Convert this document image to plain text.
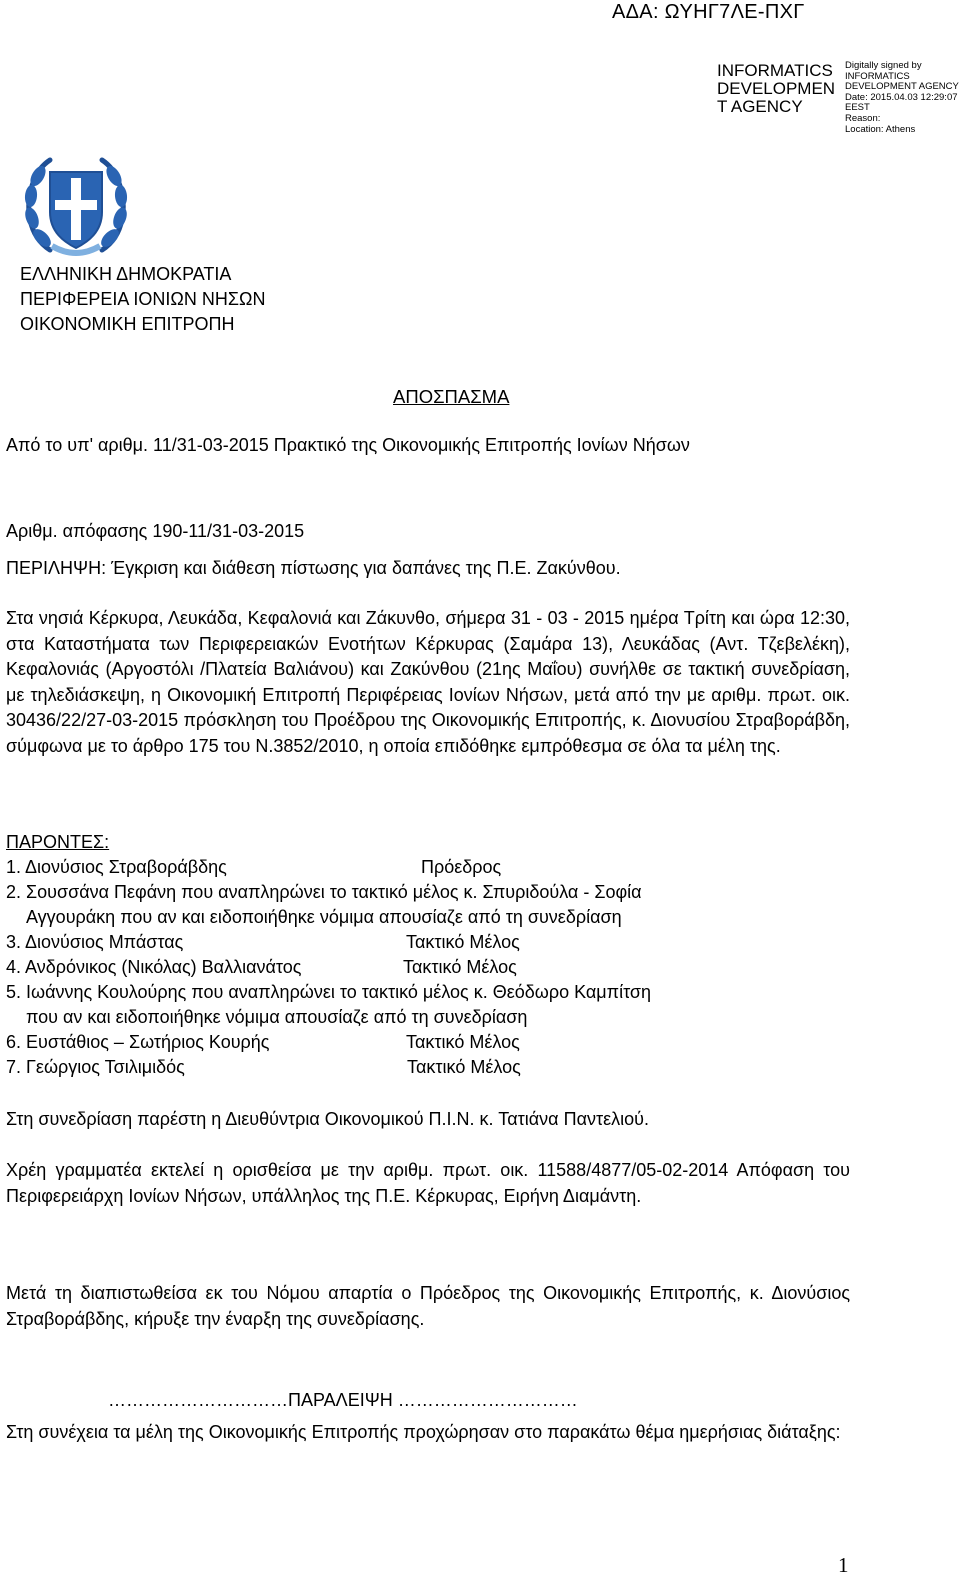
ΑΔΑ: ΩΥΗΓ7ΛΕ-ΠΧΓ
INFORMATICS
DEVELOPMEN
T AGENCY
Digitally signed by
INFORMATICS
DEVELOPMENT AGENCY
Date: 2015.04.03 12:29:07
EEST
Reason:
Location: Athens
ΕΛΛΗΝΙΚΗ ΔΗΜΟΚΡΑΤΙΑ
ΠΕΡΙΦΕΡΕΙΑ ΙΟΝΙΩΝ ΝΗΣΩΝ
ΟΙΚΟΝΟΜΙΚΗ ΕΠΙΤΡΟΠΗ
ΑΠΟΣΠΑΣΜΑ
Από το υπ' αριθμ. 11/31-03-2015 Πρακτικό της Οικονομικής Επιτροπής Ιονίων Νήσων
Αριθμ. απόφασης 190-11/31-03-2015
ΠΕΡΙΛΗΨΗ: Έγκριση και διάθεση πίστωσης για δαπάνες της Π.Ε. Ζακύνθου.
Στα νησιά Κέρκυρα, Λευκάδα, Κεφαλονιά και Ζάκυνθο, σήμερα 31 - 03 - 2015 ημέρα Τρίτη και ώρα 12:30, στα Καταστήματα των Περιφερειακών Ενοτήτων Κέρκυρας (Σαμάρα 13), Λευκάδας (Αντ. Τζεβελέκη), Κεφαλονιάς (Αργοστόλι /Πλατεία Βαλιάνου) και Ζακύνθου (21ης Μαΐου) συνήλθε σε τακτική συνεδρίαση, με τηλεδιάσκεψη, η Οικονομική Επιτροπή Περιφέρειας Ιονίων Νήσων, μετά από την με αριθμ. πρωτ. οικ. 30436/22/27-03-2015 πρόσκληση του Προέδρου της Οικονομικής Επιτροπής, κ. Διονυσίου Στραβοράβδη, σύμφωνα με το άρθρο 175 του Ν.3852/2010, η οποία επιδόθηκε εμπρόθεσμα σε όλα τα μέλη της.
ΠΑΡΟΝΤΕΣ:
1. Διονύσιος Στραβοράβδης	Πρόεδρος
2. Σουσσάνα Πεφάνη που αναπληρώνει το τακτικό μέλος κ. Σπυριδούλα - Σοφία
Αγγουράκη που αν και ειδοποιήθηκε νόμιμα απουσίαζε από τη συνεδρίαση
3. Διονύσιος Μπάστας	Τακτικό Μέλος
4. Ανδρόνικος (Νικόλας) Βαλλιανάτος	Τακτικό Μέλος
5. Ιωάννης Κουλούρης που αναπληρώνει το τακτικό μέλος κ. Θεόδωρο Καμπίτση
που αν και ειδοποιήθηκε νόμιμα απουσίαζε από τη συνεδρίαση
6. Ευστάθιος – Σωτήριος Κουρής	Τακτικό Μέλος
7. Γεώργιος Τσιλιμιδός	Τακτικό Μέλος
Στη συνεδρίαση παρέστη η Διευθύντρια Οικονομικού Π.Ι.Ν. κ. Τατιάνα Παντελιού.
Χρέη γραμματέα εκτελεί η ορισθείσα με την αριθμ. πρωτ. οικ. 11588/4877/05-02-2014 Απόφαση του Περιφερειάρχη Ιονίων Νήσων, υπάλληλος της Π.Ε. Κέρκυρας, Ειρήνη Διαμάντη.
Μετά τη διαπιστωθείσα εκ του Νόμου απαρτία ο Πρόεδρος της Οικονομικής Επιτροπής, κ. Διονύσιος Στραβοράβδης, κήρυξε την έναρξη της συνεδρίασης.
…………………………ΠΑΡΑΛΕΙΨΗ …………………………
Στη συνέχεια τα μέλη της Οικονομικής Επιτροπής προχώρησαν στο παρακάτω θέμα ημερήσιας διάταξης:
1
